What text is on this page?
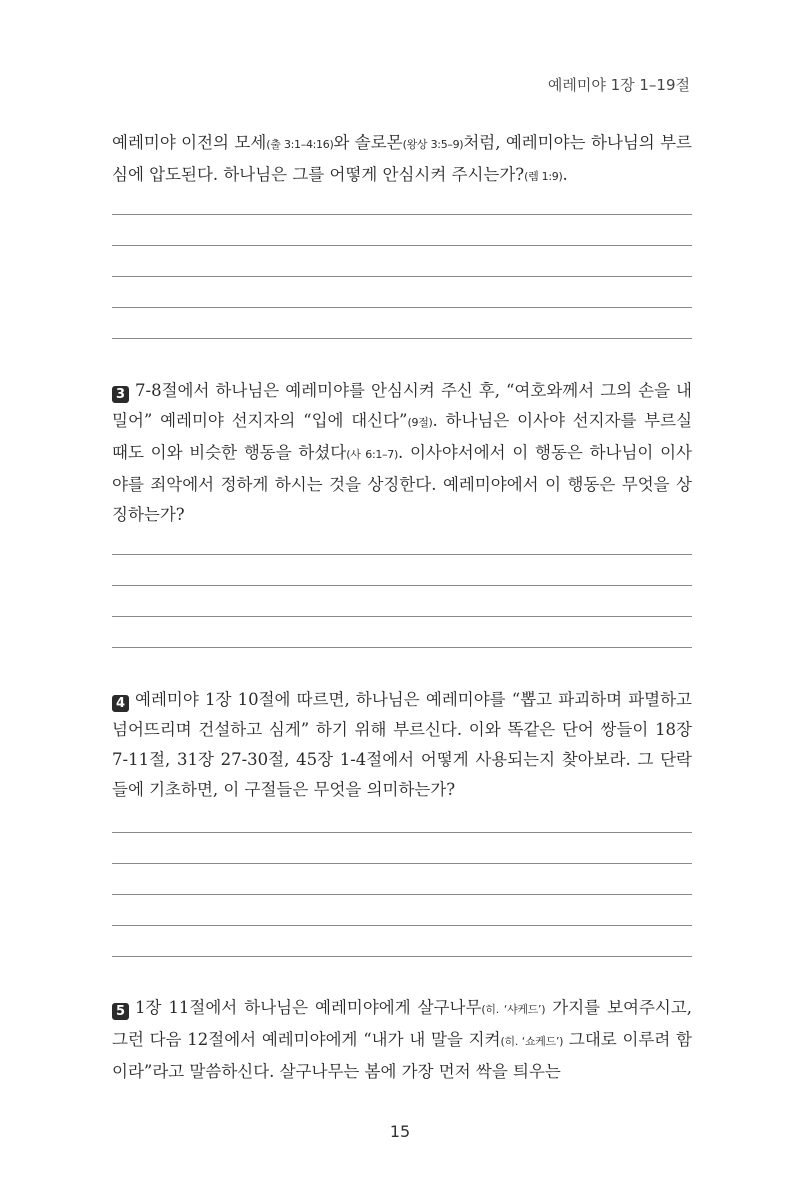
예레미야 1장 1–19절

예레미야 이전의 모세(출 3:1–4:16)와 솔로몬(왕상 3:5–9)처럼, 예레미야는 하나님의 부르심에 압도된다. 하나님은 그를 어떻게 안심시켜 주시는가?(렘 1:9).

3 7-8절에서 하나님은 예레미야를 안심시켜 주신 후, “여호와께서 그의 손을 내밀어” 예레미야 선지자의 “입에 대신다”(9절). 하나님은 이사야 선지자를 부르실 때도 이와 비슷한 행동을 하셨다(사 6:1–7). 이사야서에서 이 행동은 하나님이 이사야를 죄악에서 정하게 하시는 것을 상징한다. 예레미야에서 이 행동은 무엇을 상징하는가?

4 예레미야 1장 10절에 따르면, 하나님은 예레미야를 “뽑고 파괴하며 파멸하고 넘어뜨리며 건설하고 심게” 하기 위해 부르신다. 이와 똑같은 단어 쌍들이 18장 7-11절, 31장 27-30절, 45장 1-4절에서 어떻게 사용되는지 찾아보라. 그 단락들에 기초하면, 이 구절들은 무엇을 의미하는가?

5 1장 11절에서 하나님은 예레미야에게 살구나무(히. ‘샤케드’) 가지를 보여주시고, 그런 다음 12절에서 예레미야에게 “내가 내 말을 지켜(히. ‘쇼케드’) 그대로 이루려 함이라”라고 말씀하신다. 살구나무는 봄에 가장 먼저 싹을 틔우는

15
